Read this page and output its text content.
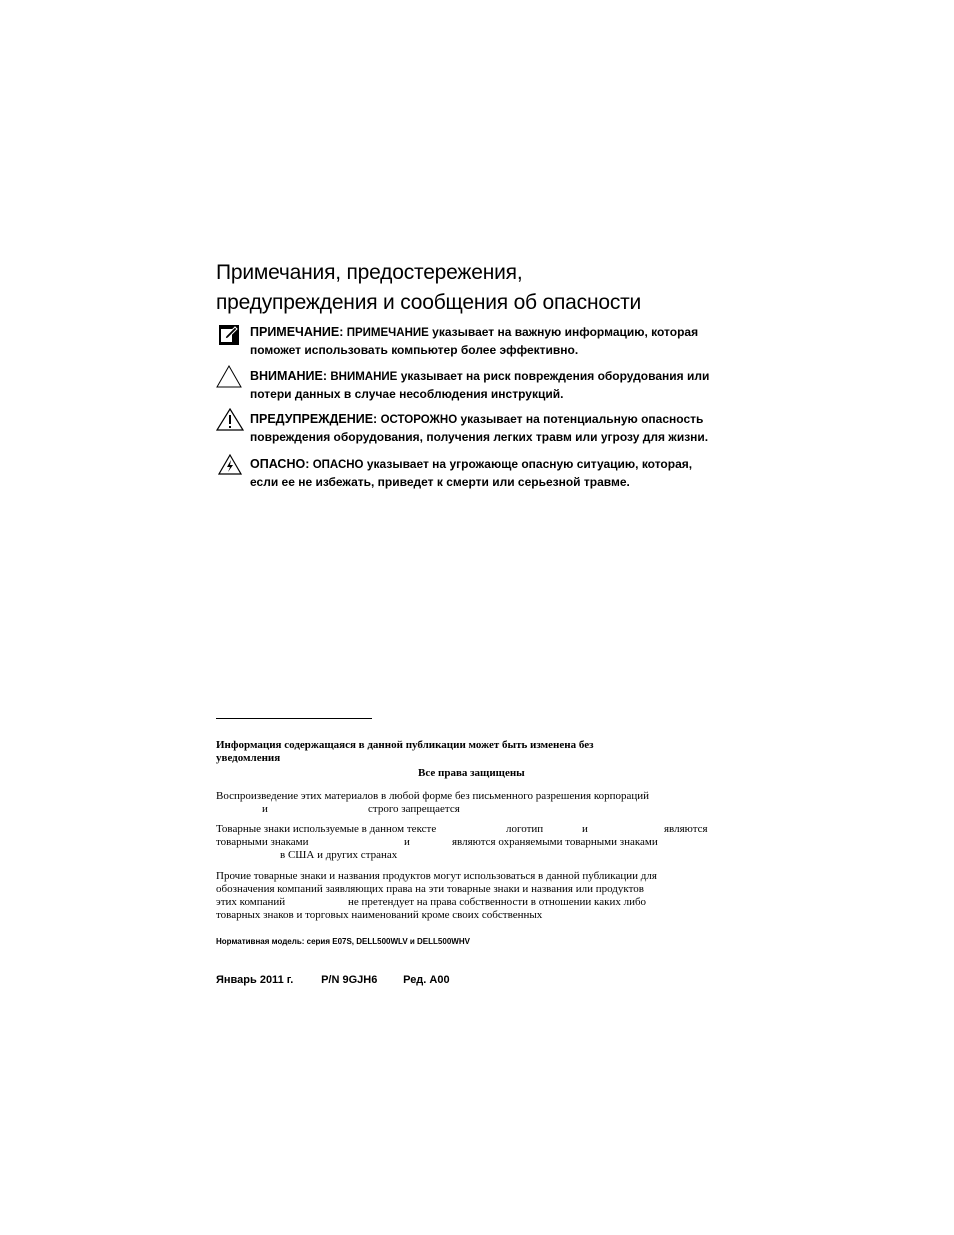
Примечания, предостережения,
предупреждения и сообщения об опасности
ПРИМЕЧАНИЕ: ПРИМЕЧАНИЕ указывает на важную информацию, которая
поможет использовать компьютер более эффективно.
ВНИМАНИЕ: ВНИМАНИЕ указывает на риск повреждения оборудования или
потери данных в случае несоблюдения инструкций.
ПРЕДУПРЕЖДЕНИЕ: ОСТОРОЖНО указывает на потенциальную опасность
повреждения оборудования, получения легких травм или угрозу для жизни.
ОПАСНО: ОПАСНО указывает на угрожающе опасную ситуацию, которая,
если ее не избежать, приведет к смерти или серьезной травме.
Информация содержащаяся в данной публикации может быть изменена без
уведомления
Все права защищены
Воспроизведение этих материалов в любой форме без письменного разрешения корпораций
и	строго запрещается
Товарные знаки используемые в данном тексте	логотип	и	являются
товарными знаками	и	являются охраняемыми товарными знаками
в США и других странах
Прочие товарные знаки и названия продуктов могут использоваться в данной публикации для
обозначения компаний заявляющих права на эти товарные знаки и названия или продуктов
этих компаний	не претендует на права собственности в отношении каких либо
товарных знаков и торговых наименований кроме своих собственных
Нормативная модель: серия E07S, DELL500WLV и DELL500WHV
Январь 2011 г.	P/N 9GJH6 Ред. A00
